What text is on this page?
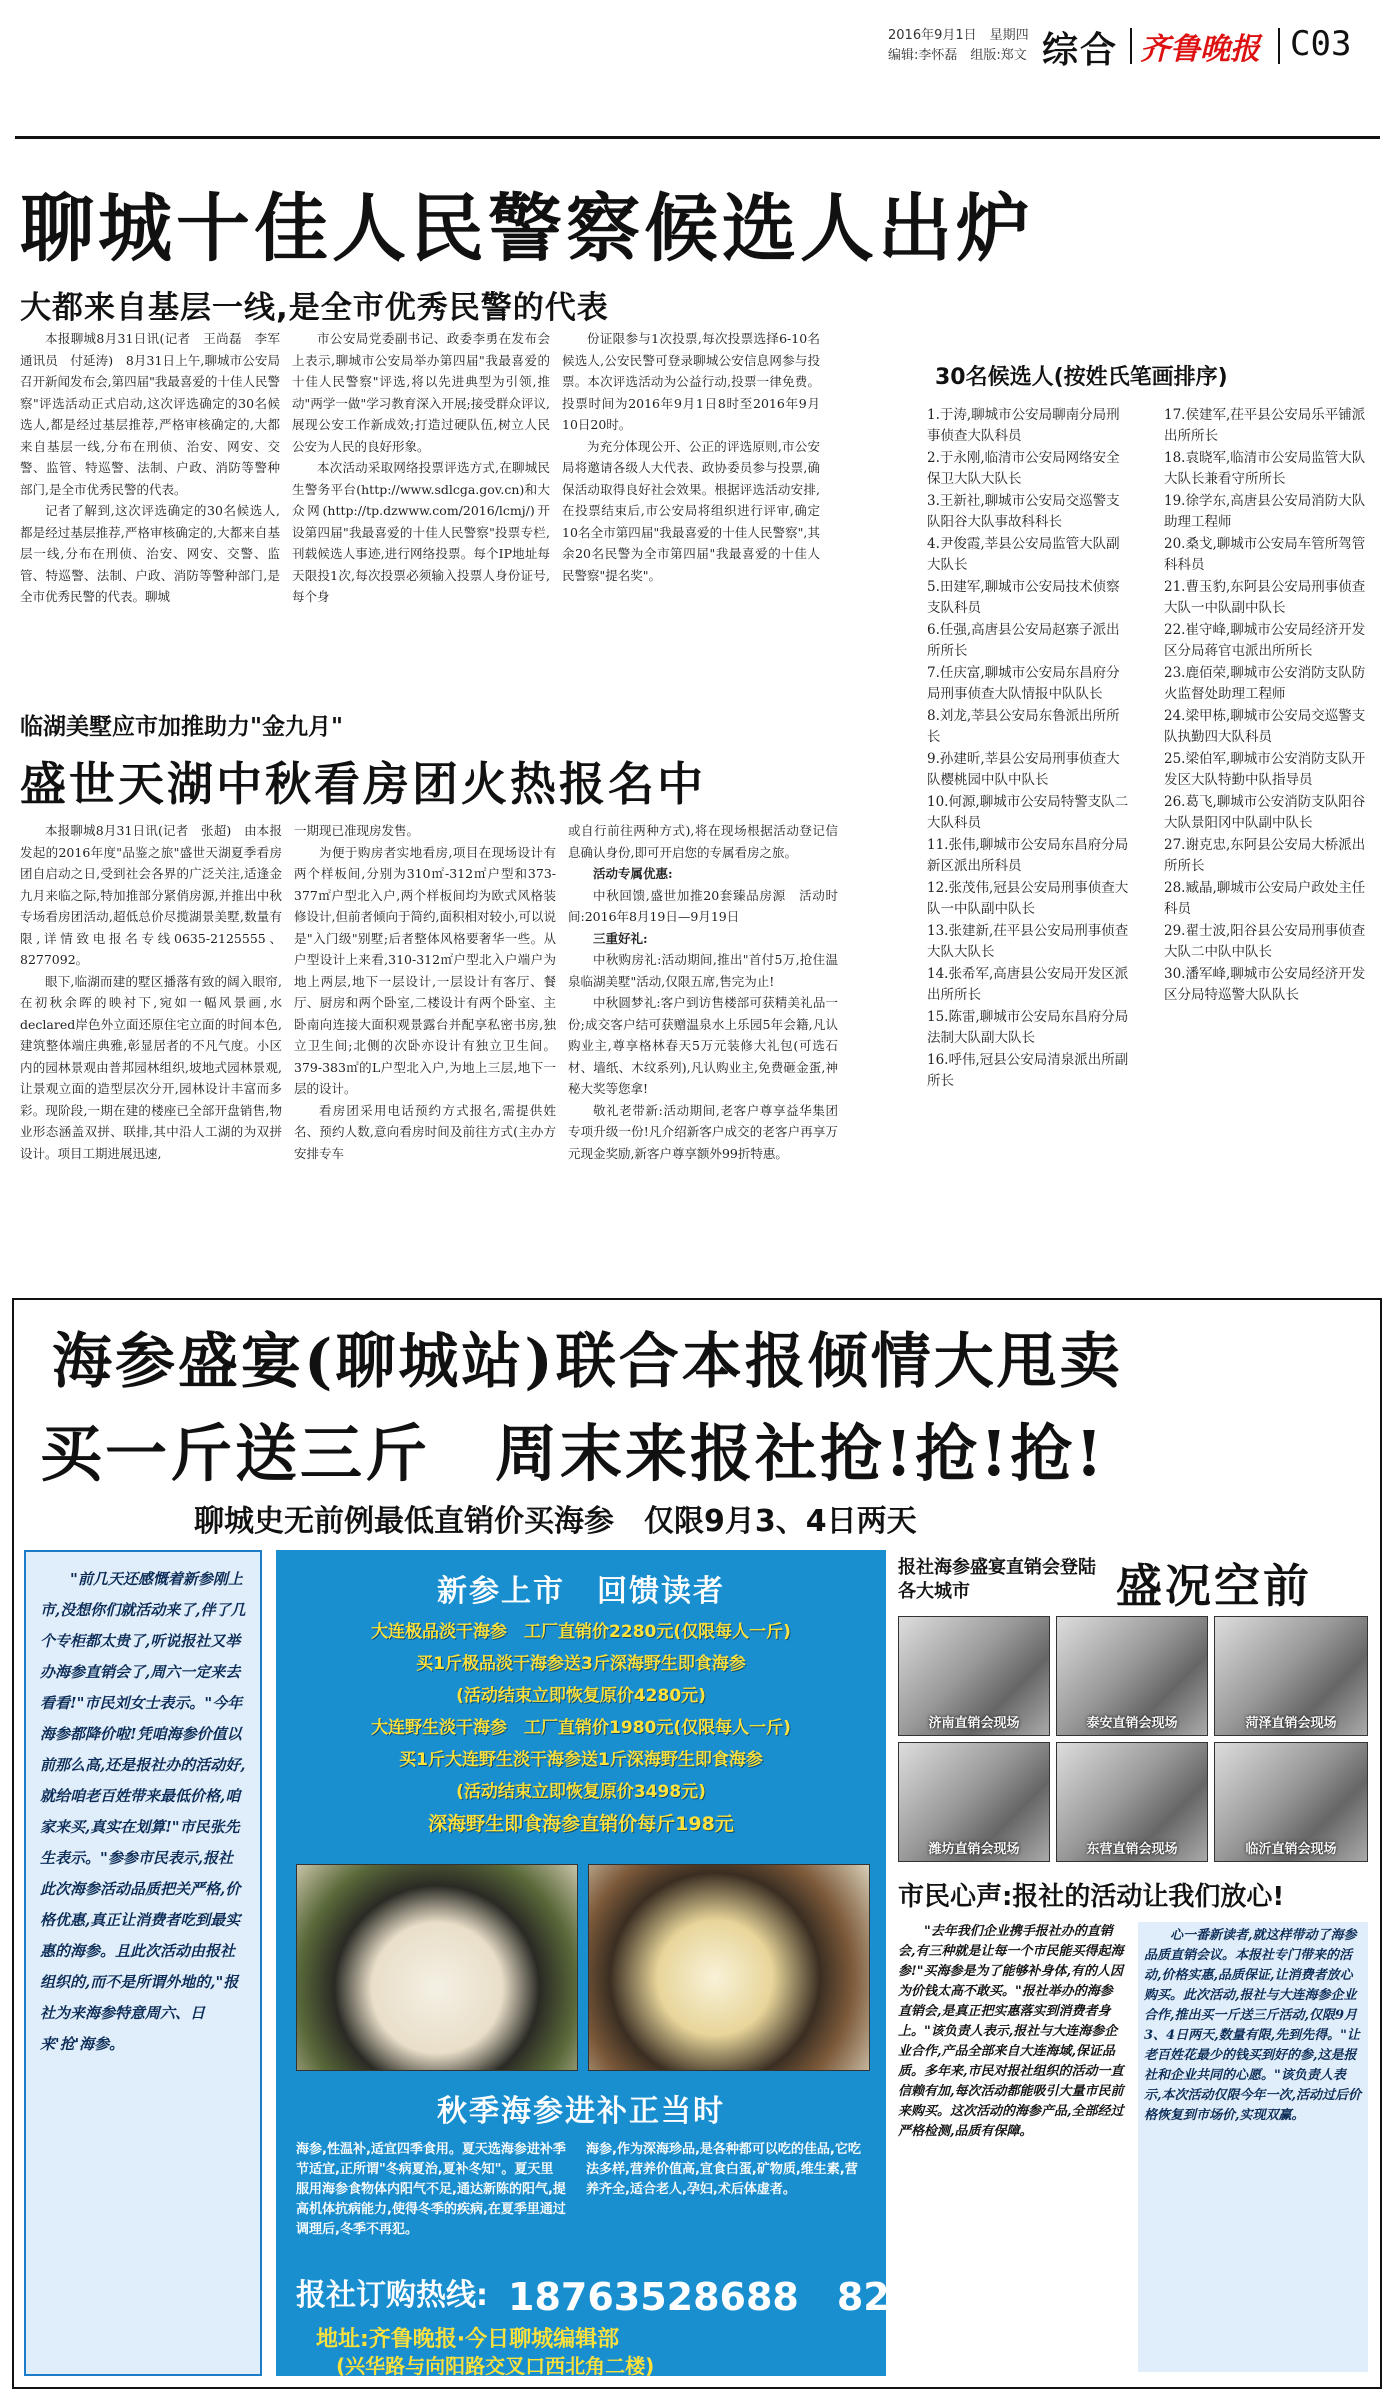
2016年9月1日　星期四
编辑:李怀磊　组版:郑文 综合 齐鲁晚报 C03
聊城十佳人民警察候选人出炉
大都来自基层一线,是全市优秀民警的代表

本报聊城8月31日讯(记者　王尚磊　李军　通讯员　付延涛)　8月31日上午,聊城市公安局召开新闻发布会,第四届"我最喜爱的十佳人民警察"评选活动正式启动,这次评选确定的30名候选人,都是经过基层推荐,严格审核确定的,大都来自基层一线,分布在刑侦、治安、网安、交警、监管、特巡警、法制、户政、消防等警种部门,是全市优秀民警的代表。

记者了解到,这次评选确定的30名候选人,都是经过基层推荐,严格审核确定的,大都来自基层一线,分布在刑侦、治安、网安、交警、监管、特巡警、法制、户政、消防等警种部门,是全市优秀民警的代表。聊城

市公安局党委副书记、政委李勇在发布会上表示,聊城市公安局举办第四届"我最喜爱的十佳人民警察"评选,将以先进典型为引领,推动"两学一做"学习教育深入开展;接受群众评议,展现公安工作新成效;打造过硬队伍,树立人民公安为人民的良好形象。

本次活动采取网络投票评选方式,在聊城民生警务平台(http://www.sdlcga.gov.cn)和大众网(http://tp.dzwww.com/2016/lcmj/)开设第四届"我最喜爱的十佳人民警察"投票专栏,刊载候选人事迹,进行网络投票。每个IP地址每天限投1次,每次投票必须输入投票人身份证号,每个身

份证限参与1次投票,每次投票选择6-10名候选人,公安民警可登录聊城公安信息网参与投票。本次评选活动为公益行动,投票一律免费。投票时间为2016年9月1日8时至2016年9月10日20时。

为充分体现公开、公正的评选原则,市公安局将邀请各级人大代表、政协委员参与投票,确保活动取得良好社会效果。根据评选活动安排,在投票结束后,市公安局将组织进行评审,确定10名全市第四届"我最喜爱的十佳人民警察",其余20名民警为全市第四届"我最喜爱的十佳人民警察"提名奖"。

30名候选人(按姓氏笔画排序)
1.于涛,聊城市公安局聊南分局刑事侦查大队科员
2.于永刚,临清市公安局网络安全保卫大队大队长
3.王新社,聊城市公安局交巡警支队阳谷大队事故科科长
4.尹俊霞,莘县公安局监管大队副大队长
5.田建军,聊城市公安局技术侦察支队科员
6.任强,高唐县公安局赵寨子派出所所长
7.任庆富,聊城市公安局东昌府分局刑事侦查大队情报中队队长
8.刘龙,莘县公安局东鲁派出所所长
9.孙建昕,莘县公安局刑事侦查大队樱桃园中队中队长
10.何源,聊城市公安局特警支队二大队科员
11.张伟,聊城市公安局东昌府分局新区派出所科员
12.张茂伟,冠县公安局刑事侦查大队一中队副中队长
13.张建新,茌平县公安局刑事侦查大队大队长
14.张希军,高唐县公安局开发区派出所所长
15.陈雷,聊城市公安局东昌府分局法制大队副大队长
16.呼伟,冠县公安局清泉派出所副所长
17.侯建军,茌平县公安局乐平铺派出所所长
18.袁晓军,临清市公安局监管大队大队长兼看守所所长
19.徐学东,高唐县公安局消防大队助理工程师
20.桑戈,聊城市公安局车管所驾管科科员
21.曹玉豹,东阿县公安局刑事侦查大队一中队副中队长
22.崔守峰,聊城市公安局经济开发区分局蒋官屯派出所所长
23.鹿佰荣,聊城市公安消防支队防火监督处助理工程师
24.梁甲栋,聊城市公安局交巡警支队执勤四大队科员
25.梁伯军,聊城市公安消防支队开发区大队特勤中队指导员
26.葛飞,聊城市公安消防支队阳谷大队景阳冈中队副中队长
27.谢克忠,东阿县公安局大桥派出所所长
28.臧晶,聊城市公安局户政处主任科员
29.翟士波,阳谷县公安局刑事侦查大队二中队中队长
30.潘军峰,聊城市公安局经济开发区分局特巡警大队队长
临湖美墅应市加推助力"金九月"
盛世天湖中秋看房团火热报名中

本报聊城8月31日讯(记者　张超)　由本报发起的2016年度"品鉴之旅"盛世天湖夏季看房团自启动之日,受到社会各界的广泛关注,适逢金九月来临之际,特加推部分紧俏房源,并推出中秋专场看房团活动,超低总价尽揽湖景美墅,数量有限,详情致电报名专线0635-2125555、8277092。

眼下,临湖而建的墅区播落有致的阔入眼帘,在初秋余晖的映衬下,宛如一幅风景画,水declared岸色外立面还原住宅立面的时间本色,建筑整体端庄典雅,彰显居者的不凡气度。小区内的园林景观由普邦园林组织,坡地式园林景观,让景观立面的造型层次分开,园林设计丰富而多彩。现阶段,一期在建的楼座已全部开盘销售,物业形态涵盖双拼、联排,其中沿人工湖的为双拼设计。项目工期进展迅速,

一期现已准现房发售。

为便于购房者实地看房,项目在现场设计有两个样板间,分别为310㎡-312㎡户型和373-377㎡户型北入户,两个样板间均为欧式风格装修设计,但前者倾向于简约,面积相对较小,可以说是"入门级"别墅;后者整体风格要奢华一些。从户型设计上来看,310-312㎡户型北入户端户为地上两层,地下一层设计,一层设计有客厅、餐厅、厨房和两个卧室,二楼设计有两个卧室、主卧南向连接大面积观景露台并配享私密书房,独立卫生间;北侧的次卧亦设计有独立卫生间。379-383㎡的L户型北入户,为地上三层,地下一层的设计。

看房团采用电话预约方式报名,需提供姓名、预约人数,意向看房时间及前往方式(主办方安排专车

或自行前往两种方式),将在现场根据活动登记信息确认身份,即可开启您的专属看房之旅。

活动专属优惠:

中秋回馈,盛世加推20套臻品房源　活动时间:2016年8月19日—9月19日

三重好礼:

中秋购房礼:活动期间,推出"首付5万,抢住温泉临湖美墅"活动,仅限五席,售完为止!

中秋圆梦礼:客户到访售楼部可获精美礼品一份;成交客户结可获赠温泉水上乐园5年会籍,凡认购业主,尊享格林春天5万元装修大礼包(可选石材、墙纸、木纹系列),凡认购业主,免费砸金蛋,神秘大奖等您拿!

敬礼老带新:活动期间,老客户尊享益华集团专项升级一份!凡介绍新客户成交的老客户再享万元现金奖励,新客户尊享额外99折特惠。

海参盛宴(聊城站)联合本报倾情大甩卖
买一斤送三斤　周末来报社抢!抢!抢!
聊城史无前例最低直销价买海参　仅限9月3、4日两天
"前几天还感慨着新参刚上市,没想你们就活动来了,伴了几个专柜都太贵了,听说报社又举办海参直销会了,周六一定来去看看!"市民刘女士表示。"今年海参都降价啦!凭咱海参价值以前那么高,还是报社办的活动好,就给咱老百姓带来最低价格,咱家来买,真实在划算!"市民张先生表示。"参参市民表示,报社此次海参活动品质把关严格,价格优惠,真正让消费者吃到最实惠的海参。且此次活动由报社组织的,而不是所谓外地的,"报社为来海参特意周六、日来'抢'海参。
新参上市　回馈读者
大连极品淡干海参　工厂直销价2280元(仅限每人一斤)
买1斤极品淡干海参送3斤深海野生即食海参
(活动结束立即恢复原价4280元)
大连野生淡干海参　工厂直销价1980元(仅限每人一斤)
买1斤大连野生淡干海参送1斤深海野生即食海参
(活动结束立即恢复原价3498元)
深海野生即食海参直销价每斤198元
秋季海参进补正当时
海参,性温补,适宜四季食用。夏天选海参进补季节适宜,正所谓"冬病夏治,夏补冬知"。夏天里服用海参食物体内阳气不足,通达新陈的阳气,提高机体抗病能力,使得冬季的疾病,在夏季里通过调理后,冬季不再犯。
海参,作为深海珍品,是各种都可以吃的佳品,它吃法多样,营养价值高,宣食白蛋,矿物质,维生素,营养齐全,适合老人,孕妇,术后体虚者。
报社订购热线: 18763528688　8277092
地址:齐鲁晚报·今日聊城编辑部
(兴华路与向阳路交叉口西北角二楼)
报社海参盛宴直销会登陆各大城市	盛况空前
济南直销会现场	泰安直销会现场	菏泽直销会现场
潍坊直销会现场	东营直销会现场	临沂直销会现场
市民心声:报社的活动让我们放心!
"去年我们企业携手报社办的直销会,有三种就是让每一个市民能买得起海参!"买海参是为了能够补身体,有的人因为价钱太高不敢买。"报社举办的海参直销会,是真正把实惠落实到消费者身上。"该负责人表示,报社与大连海参企业合作,产品全部来自大连海域,保证品质。多年来,市民对报社组织的活动一直信赖有加,每次活动都能吸引大量市民前来购买。这次活动的海参产品,全部经过严格检测,品质有保障。
心一番新读者,就这样带动了海参品质直销会议。本报社专门带来的活动,价格实惠,品质保证,让消费者放心购买。此次活动,报社与大连海参企业合作,推出买一斤送三斤活动,仅限9月3、4日两天,数量有限,先到先得。"让老百姓花最少的钱买到好的参,这是报社和企业共同的心愿。"该负责人表示,本次活动仅限今年一次,活动过后价格恢复到市场价,实现双赢。
